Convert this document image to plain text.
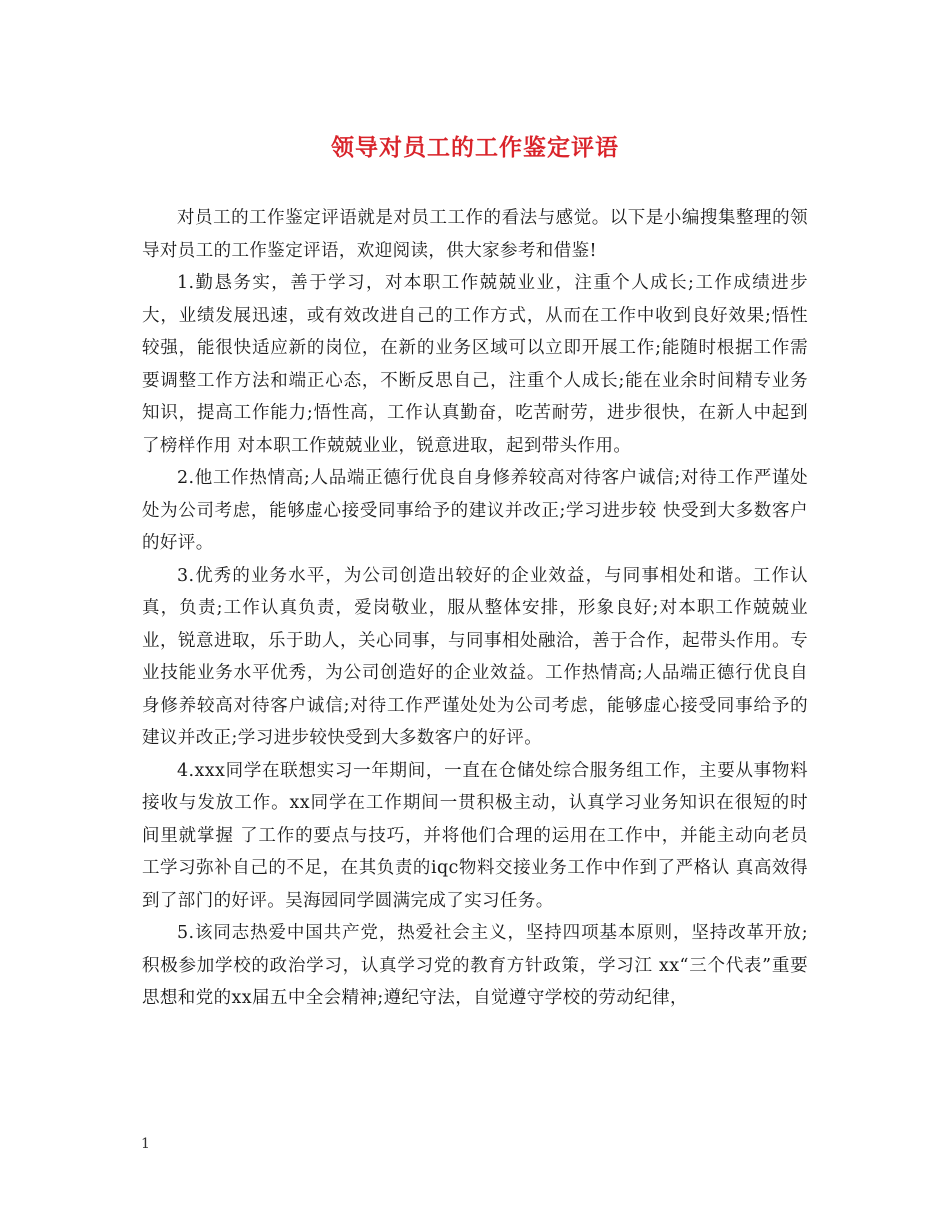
领导对员工的工作鉴定评语

对员工的工作鉴定评语就是对员工工作的看法与感觉。以下是小编搜集整理的领导对员工的工作鉴定评语，欢迎阅读，供大家参考和借鉴!

1.勤恳务实，善于学习，对本职工作兢兢业业，注重个人成长;工作成绩进步大，业绩发展迅速，或有效改进自己的工作方式，从而在工作中收到良好效果;悟性较强，能很快适应新的岗位，在新的业务区域可以立即开展工作;能随时根据工作需要调整工作方法和端正心态，不断反思自己，注重个人成长;能在业余时间精专业务知识，提高工作能力;悟性高，工作认真勤奋，吃苦耐劳，进步很快，在新人中起到了榜样作用 对本职工作兢兢业业，锐意进取，起到带头作用。

2.他工作热情高;人品端正德行优良自身修养较高对待客户诚信;对待工作严谨处处为公司考虑，能够虚心接受同事给予的建议并改正;学习进步较 快受到大多数客户的好评。

3.优秀的业务水平，为公司创造出较好的企业效益，与同事相处和谐。工作认真，负责;工作认真负责，爱岗敬业，服从整体安排，形象良好;对本职工作兢兢业业，锐意进取，乐于助人，关心同事，与同事相处融洽，善于合作，起带头作用。专业技能业务水平优秀，为公司创造好的企业效益。工作热情高;人品端正德行优良自身修养较高对待客户诚信;对待工作严谨处处为公司考虑，能够虚心接受同事给予的建议并改正;学习进步较快受到大多数客户的好评。

4.xxx同学在联想实习一年期间，一直在仓储处综合服务组工作，主要从事物料接收与发放工作。xx同学在工作期间一贯积极主动，认真学习业务知识在很短的时 间里就掌握 了工作的要点与技巧，并将他们合理的运用在工作中，并能主动向老员工学习弥补自己的不足，在其负责的iqc物料交接业务工作中作到了严格认 真高效得到了部门的好评。吴海园同学圆满完成了实习任务。

5.该同志热爱中国共产党，热爱社会主义，坚持四项基本原则，坚持改革开放;积极参加学校的政治学习，认真学习党的教育方针政策，学习江 xx“三个代表”重要思想和党的xx届五中全会精神;遵纪守法，自觉遵守学校的劳动纪律，

1
